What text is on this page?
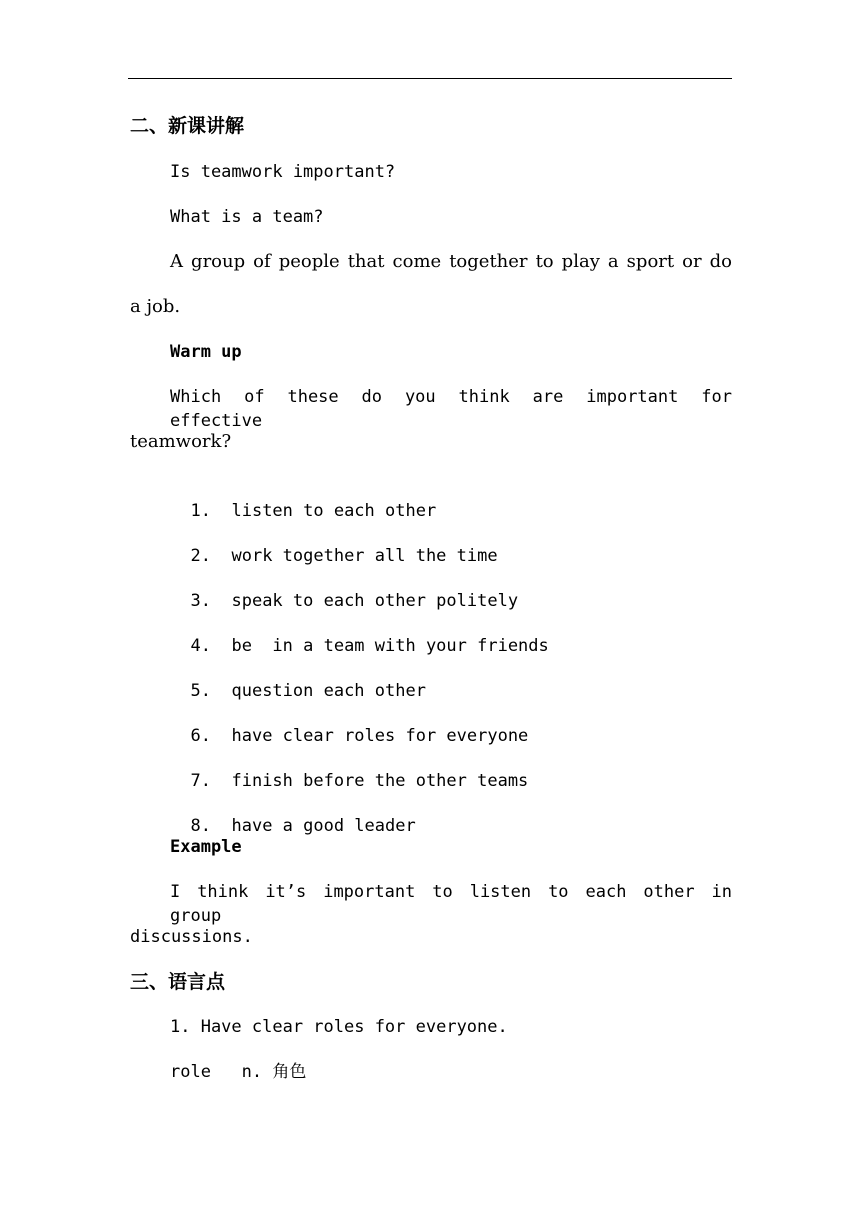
二、新课讲解
Is teamwork important?
What is a team?
A group of people that come together to play a sport or do
a job.
Warm up
Which of these do you think are important for effective
teamwork?

1. listen to each other

2. work together all the time

3. speak to each other politely

4. be  in a team with your friends

5. question each other

6. have clear roles for everyone

7. finish before the other teams

8. have a good leader

Example
I think it’s important to listen to each other in group
discussions.
三、语言点
1. Have clear roles for everyone.
role   n. 角色
